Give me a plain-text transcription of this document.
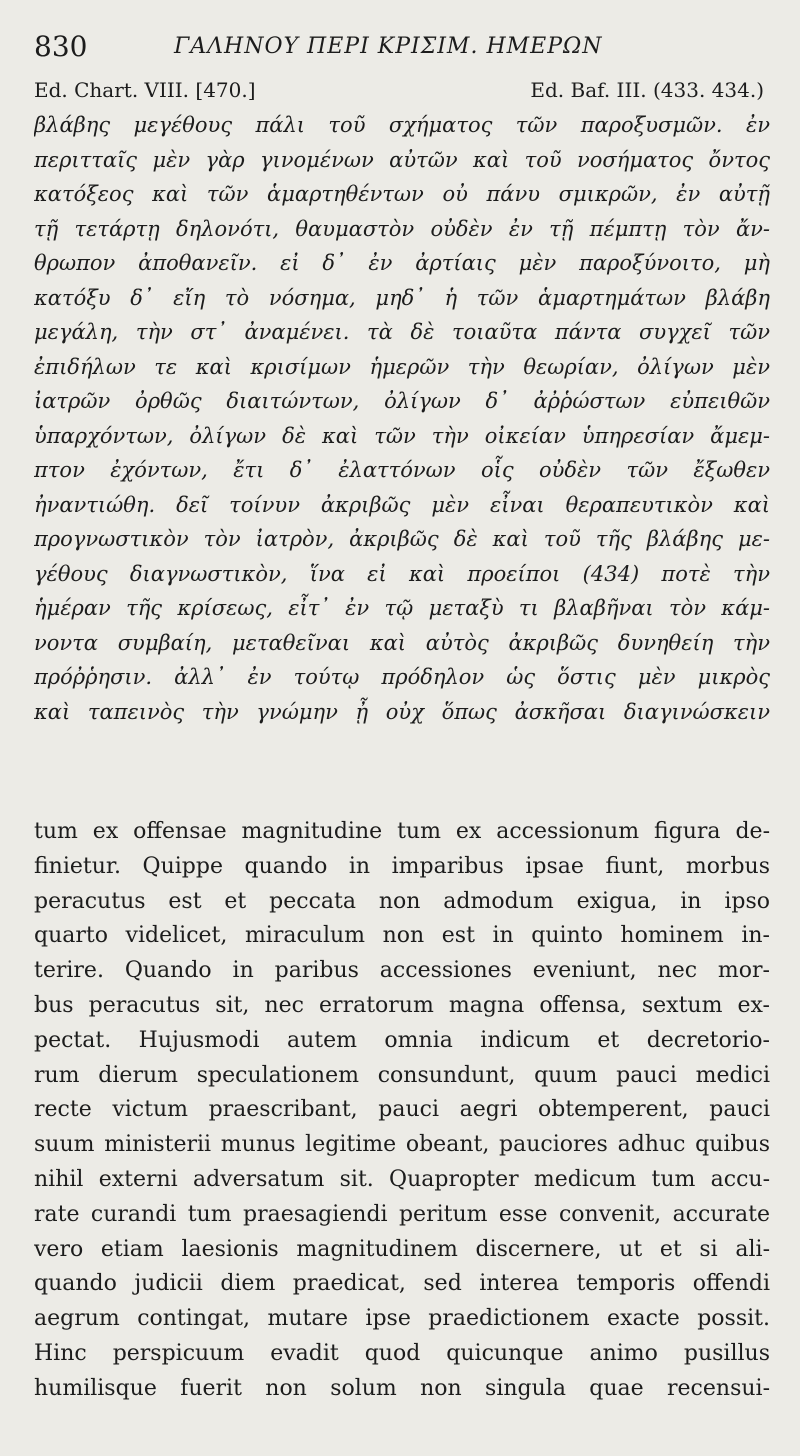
830	ΓΑΛΗΝΟΥ ΠΕΡΙ ΚΡΙΣΙΜ. ΗΜΕΡΩΝ
Ed. Chart. VIII. [470.]	Ed. Baf. III. (433. 434.)
βλάβης μεγέθους πάλι τοῦ σχήματος τῶν παροξυσμῶν. ἐν
περιτταῖς μὲν γὰρ γινομένων αὐτῶν καὶ τοῦ νοσήματος ὄντος
κατόξεος καὶ τῶν ἁμαρτηθέντων οὐ πάνυ σμικρῶν, ἐν αὐτῇ
τῇ τετάρτῃ δηλονότι, θαυμαστὸν οὐδὲν ἐν τῇ πέμπτῃ τὸν ἄν-
θρωπον ἀποθανεῖν. εἰ δ᾽ ἐν ἀρτίαις μὲν παροξύνοιτο, μὴ
κατόξυ δ᾽ εἴη τὸ νόσημα, μηδ᾽ ἡ τῶν ἁμαρτημάτων βλάβη
μεγάλη, τὴν στ᾽ ἀναμένει. τὰ δὲ τοιαῦτα πάντα συγχεῖ τῶν
ἐπιδήλων τε καὶ κρισίμων ἡμερῶν τὴν θεωρίαν, ὀλίγων μὲν
ἰατρῶν ὀρθῶς διαιτώντων, ὀλίγων δ᾽ ἀῤῥώστων εὐπειθῶν
ὑπαρχόντων, ὀλίγων δὲ καὶ τῶν τὴν οἰκείαν ὑπηρεσίαν ἄμεμ-
πτον ἐχόντων, ἔτι δ᾽ ἐλαττόνων οἷς οὐδὲν τῶν ἔξωθεν
ἠναντιώθη. δεῖ τοίνυν ἀκριβῶς μὲν εἶναι θεραπευτικὸν καὶ
προγνωστικὸν τὸν ἰατρὸν, ἀκριβῶς δὲ καὶ τοῦ τῆς βλάβης με-
γέθους διαγνωστικὸν, ἵνα εἰ καὶ προείποι (434) ποτὲ τὴν
ἡμέραν τῆς κρίσεως, εἶτ᾽ ἐν τῷ μεταξὺ τι βλαβῆναι τὸν κάμ-
νοντα συμβαίη, μεταθεῖναι καὶ αὐτὸς ἀκριβῶς δυνηθείη τὴν
πρόῤῥησιν. ἀλλ᾽ ἐν τούτῳ πρόδηλον ὡς ὅστις μὲν μικρὸς
καὶ ταπεινὸς τὴν γνώμην ᾖ οὐχ ὅπως ἀσκῆσαι διαγινώσκειν
tum ex offensae magnitudine tum ex accessionum figura de-
finietur. Quippe quando in imparibus ipsae fiunt, morbus
peracutus est et peccata non admodum exigua, in ipso
quarto videlicet, miraculum non est in quinto hominem in-
terire. Quando in paribus accessiones eveniunt, nec mor-
bus peracutus sit, nec erratorum magna offensa, sextum ex-
pectat. Hujusmodi autem omnia indicum et decretorio-
rum dierum speculationem consundunt, quum pauci medici
recte victum praescribant, pauci aegri obtemperent, pauci
suum ministerii munus legitime obeant, pauciores adhuc quibus
nihil externi adversatum sit. Quapropter medicum tum accu-
rate curandi tum praesagiendi peritum esse convenit, accurate
vero etiam laesionis magnitudinem discernere, ut et si ali-
quando judicii diem praedicat, sed interea temporis offendi
aegrum contingat, mutare ipse praedictionem exacte possit.
Hinc perspicuum evadit quod quicunque animo pusillus
humilisque fuerit non solum non singula quae recensui-
